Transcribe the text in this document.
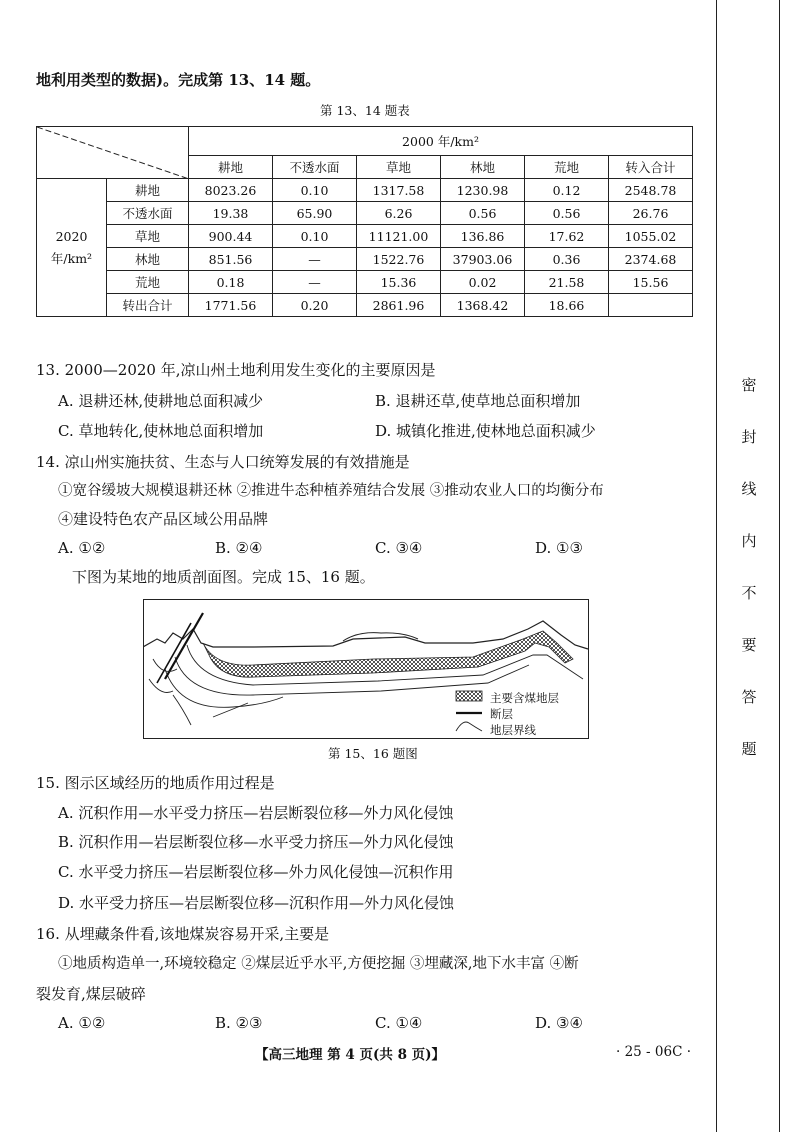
密
封
线
内
不
要
答
题
地利用类型的数据)。完成第 13、14 题。
第 13、14 题表
	2000 年/km²					
		耕地	不透水面	草地	林地	荒地	转入合计
2020 年/km²	耕地	8023.26	0.10	1317.58	1230.98	0.12	2548.78
	不透水面	19.38	65.90	6.26	0.56	0.56	26.76
	草地	900.44	0.10	11121.00	136.86	17.62	1055.02
	林地	851.56	—	1522.76	37903.06	0.36	2374.68
	荒地	0.18	—	15.36	0.02	21.58	15.56
	转出合计	1771.56	0.20	2861.96	1368.42	18.66	
13. 2000—2020 年,凉山州土地利用发生变化的主要原因是
A. 退耕还林,使耕地总面积减少	B. 退耕还草,使草地总面积增加
C. 草地转化,使林地总面积增加	D. 城镇化推进,使林地总面积减少
14. 凉山州实施扶贫、生态与人口统筹发展的有效措施是
①宽谷缓坡大规模退耕还林 ②推进牛态种植养殖结合发展 ③推动农业人口的均衡分布
④建设特色农产品区域公用品牌
A. ①②	B. ②④	C. ③④	D. ①③
下图为某地的地质剖面图。完成 15、16 题。
主要含煤地层
断层
地层界线
第 15、16 题图
15. 图示区域经历的地质作用过程是
A. 沉积作用—水平受力挤压—岩层断裂位移—外力风化侵蚀
B. 沉积作用—岩层断裂位移—水平受力挤压—外力风化侵蚀
C. 水平受力挤压—岩层断裂位移—外力风化侵蚀—沉积作用
D. 水平受力挤压—岩层断裂位移—沉积作用—外力风化侵蚀
16. 从埋藏条件看,该地煤炭容易开采,主要是
①地质构造单一,环境较稳定 ②煤层近乎水平,方便挖掘 ③埋藏深,地下水丰富 ④断
裂发育,煤层破碎
A. ①②	B. ②③	C. ①④	D. ③④
【高三地理 第 4 页(共 8 页)】	· 25 - 06C ·
